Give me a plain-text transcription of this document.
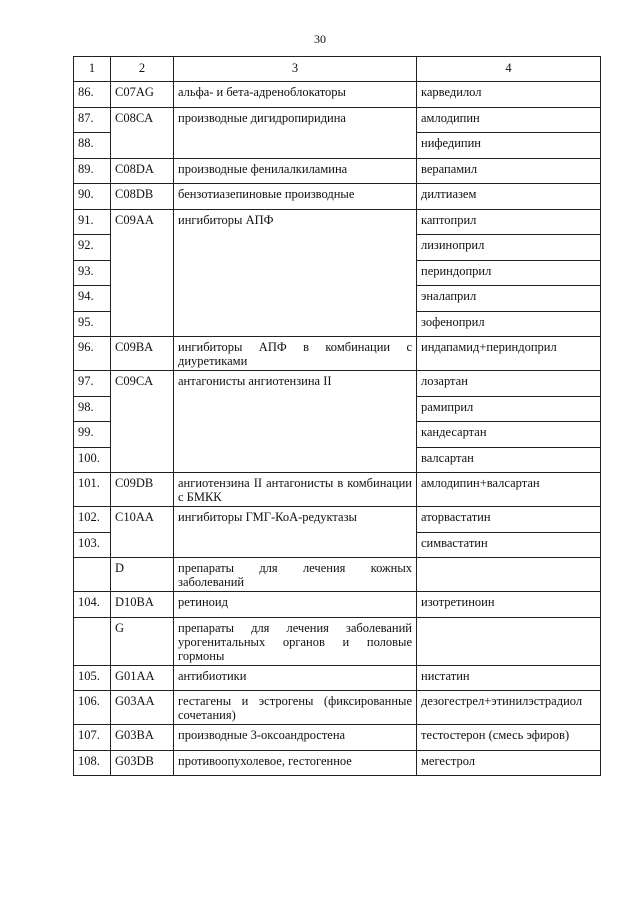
30
1	2	3	4
86.	C07AG	альфа- и бета-адреноблокаторы	карведилол
87.	C08CA	производные дигидропиридина	амлодипин
88.			нифедипин
89.	C08DA	производные фенилалкиламина	верапамил
90.	C08DB	бензотиазепиновые производные	дилтиазем
91.	C09AA	ингибиторы АПФ	каптоприл
92.			лизиноприл
93.			периндоприл
94.			эналаприл
95.			зофеноприл
96.	C09BA	ингибиторы АПФ в комбинации с диуретиками	индапамид+периндоприл
97.	C09CA	антагонисты ангиотензина II	лозартан
98.			рамиприл
99.			кандесартан
100.			валсартан
101.	C09DB	ангиотензина II антагонисты в комбинации с БМКК	амлодипин+валсартан
102.	C10AA	ингибиторы ГМГ-КоА-редуктазы	аторвастатин
103.			симвастатин
	D	препараты для лечения кожных заболеваний	
104.	D10BA	ретиноид	изотретиноин
	G	препараты для лечения заболеваний урогенитальных органов и половые гормоны	
105.	G01AA	антибиотики	нистатин
106.	G03AA	гестагены и эстрогены (фиксированные сочетания)	дезогестрел+этинилэстрадиол
107.	G03BA	производные 3-оксоандростена	тестостерон (смесь эфиров)
108.	G03DB	противоопухолевое, гестогенное	мегестрол
